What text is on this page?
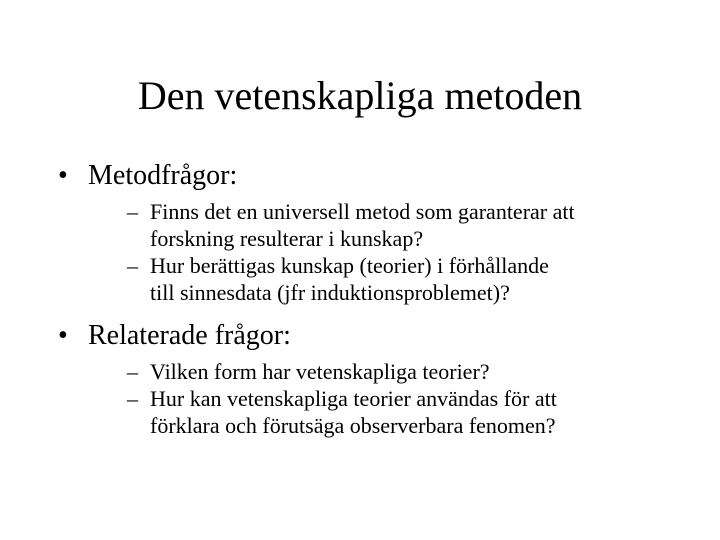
Den vetenskapliga metoden
• Metodfrågor:
– Finns det en universell metod som garanterar att
forskning resulterar i kunskap?
– Hur berättigas kunskap (teorier) i förhållande
till sinnesdata (jfr induktionsproblemet)?
• Relaterade frågor:
– Vilken form har vetenskapliga teorier?
– Hur kan vetenskapliga teorier användas för att
förklara och förutsäga observerbara fenomen?
